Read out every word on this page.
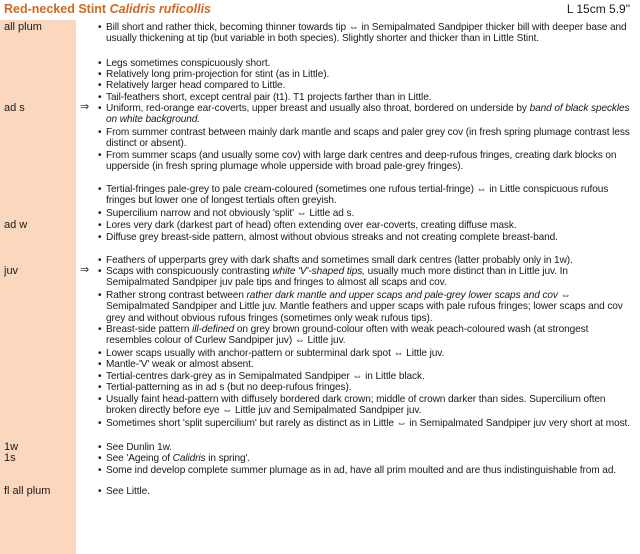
Red-necked Stint Calidris ruficollis	L 15cm 5.9"
all plum	• Bill short and rather thick, becoming thinner towards tip ⇔ in Semipalmated Sandpiper thicker bill with deeper base and usually thickening at tip (but variable in both species). Slightly shorter and thicker than in Little Stint.
• Legs sometimes conspicuously short.
• Relatively long prim-projection for stint (as in Little).
• Relatively larger head compared to Little.
• Tail-feathers short, except central pair (t1). T1 projects farther than in Little.
ad s	⇒ • Uniform, red-orange ear-coverts, upper breast and usually also throat, bordered on underside by band of black speckles on white background.
• From summer contrast between mainly dark mantle and scaps and paler grey cov (in fresh spring plumage contrast less distinct or absent).
• From summer scaps (and usually some cov) with large dark centres and deep-rufous fringes, creating dark blocks on upperside (in fresh spring plumage whole upperside with broad pale-grey fringes).
• Tertial-fringes pale-grey to pale cream-coloured (sometimes one rufous tertial-fringe) ⇔ in Little conspicuous rufous fringes but lower one of longest tertials often greyish.
• Supercilium narrow and not obviously 'split' ⇔ Little ad s.
ad w	• Lores very dark (darkest part of head) often extending over ear-coverts, creating diffuse mask.
• Diffuse grey breast-side pattern, almost without obvious streaks and not creating complete breast-band.
• Feathers of upperparts grey with dark shafts and sometimes small dark centres (latter probably only in 1w).
juv	⇒ • Scaps with conspicuously contrasting white 'V'-shaped tips, usually much more distinct than in Little juv. In Semipalmated Sandpiper juv pale tips and fringes to almost all scaps and cov.
• Rather strong contrast between rather dark mantle and upper scaps and pale-grey lower scaps and cov ⇔ Semipalmated Sandpiper and Little juv. Mantle feathers and upper scaps with pale rufous fringes; lower scaps and cov grey and without obvious rufous fringes (sometimes only weak rufous tips).
• Breast-side pattern ill-defined on grey brown ground-colour often with weak peach-coloured wash (at strongest resembles colour of Curlew Sandpiper juv) ⇔ Little juv.
• Lower scaps usually with anchor-pattern or subterminal dark spot ⇔ Little juv.
• Mantle-'V' weak or almost absent.
• Tertial-centres dark-grey as in Semipalmated Sandpiper ⇔ in Little black.
• Tertial-patterning as in ad s (but no deep-rufous fringes).
• Usually faint head-pattern with diffusely bordered dark crown; middle of crown darker than sides. Supercilium often broken directly before eye ⇔ Little juv and Semipalmated Sandpiper juv.
• Sometimes short 'split supercilium' but rarely as distinct as in Little ⇔ in Semipalmated Sandpiper juv very short at most.
1w	• See Dunlin 1w.
1s	• See 'Ageing of Calidris in spring'.
• Some ind develop complete summer plumage as in ad, have all prim moulted and are thus indistinguishable from ad.
fl all plum	• See Little.
